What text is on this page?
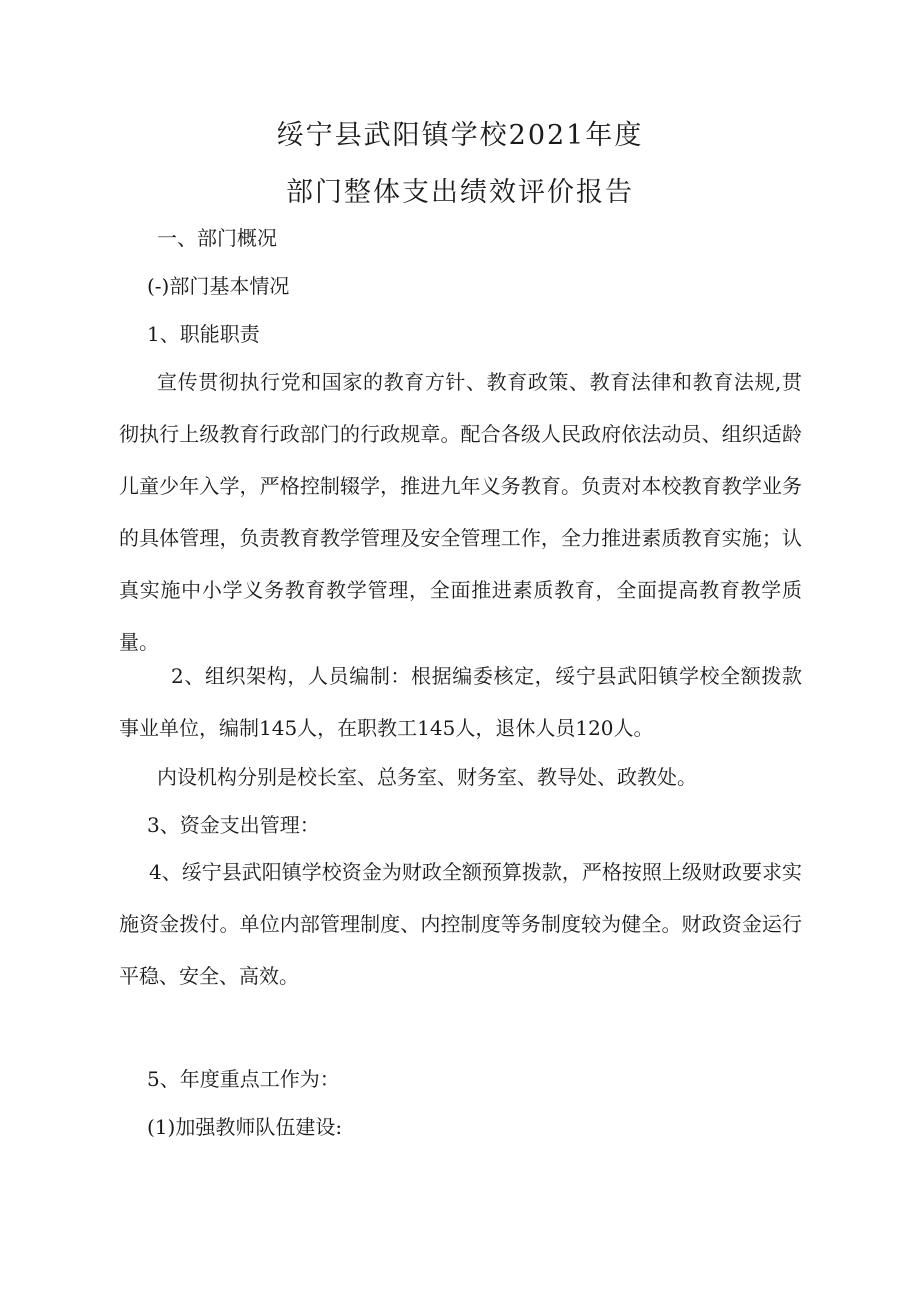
绥宁县武阳镇学校2021年度
部门整体支出绩效评价报告
一、部门概况
(-)部门基本情况
1、职能职责

宣传贯彻执行党和国家的教育方针、教育政策、教育法律和教育法规,贯彻执行上级教育行政部门的行政规章。配合各级人民政府依法动员、组织适龄儿童少年入学，严格控制辍学，推进九年义务教育。负责对本校教育教学业务的具体管理，负责教育教学管理及安全管理工作，全力推进素质教育实施；认真实施中小学义务教育教学管理，全面推进素质教育，全面提高教育教学质量。

2、组织架构，人员编制：根据编委核定，绥宁县武阳镇学校全额拨款事业单位，编制145人，在职教工145人，退休人员120人。

内设机构分别是校长室、总务室、财务室、教导处、政教处。
3、资金支出管理：

4、绥宁县武阳镇学校资金为财政全额预算拨款，严格按照上级财政要求实施资金拨付。单位内部管理制度、内控制度等务制度较为健全。财政资金运行平稳、安全、高效。

5、年度重点工作为：
(1)加强教师队伍建设:
